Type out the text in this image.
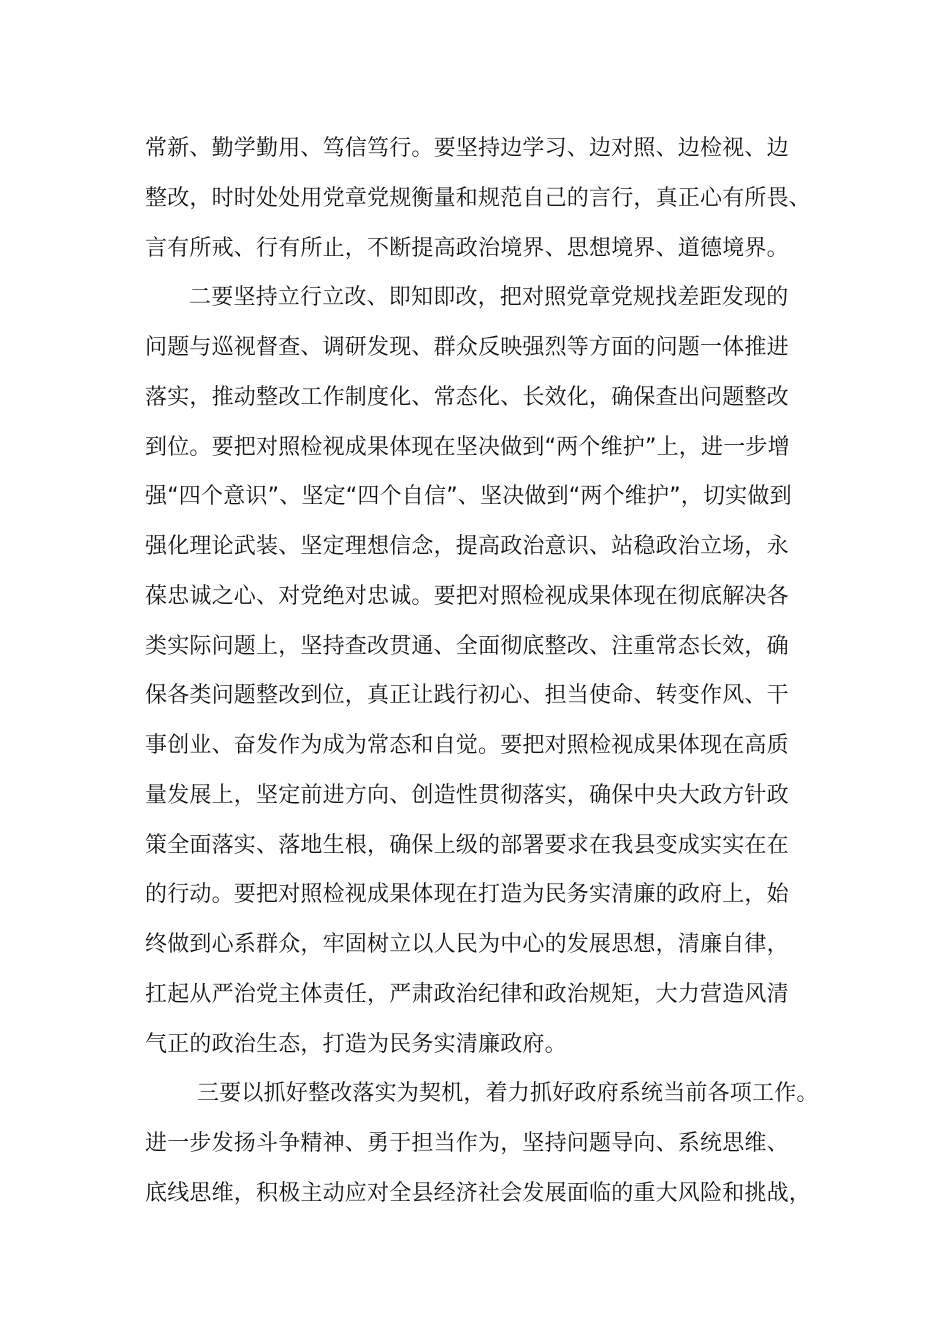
常新、勤学勤用、笃信笃行。要坚持边学习、边对照、边检视、边
整改，时时处处用党章党规衡量和规范自己的言行，真正心有所畏、
言有所戒、行有所止，不断提高政治境界、思想境界、道德境界。
二要坚持立行立改、即知即改，把对照党章党规找差距发现的
问题与巡视督查、调研发现、群众反映强烈等方面的问题一体推进
落实，推动整改工作制度化、常态化、长效化，确保查出问题整改
到位。要把对照检视成果体现在坚决做到“两个维护”上，进一步增
强“四个意识”、坚定“四个自信”、坚决做到“两个维护”，切实做到
强化理论武装、坚定理想信念，提高政治意识、站稳政治立场，永
葆忠诚之心、对党绝对忠诚。要把对照检视成果体现在彻底解决各
类实际问题上，坚持查改贯通、全面彻底整改、注重常态长效，确
保各类问题整改到位，真正让践行初心、担当使命、转变作风、干
事创业、奋发作为成为常态和自觉。要把对照检视成果体现在高质
量发展上，坚定前进方向、创造性贯彻落实，确保中央大政方针政
策全面落实、落地生根，确保上级的部署要求在我县变成实实在在
的行动。要把对照检视成果体现在打造为民务实清廉的政府上，始
终做到心系群众，牢固树立以人民为中心的发展思想，清廉自律，
扛起从严治党主体责任，严肃政治纪律和政治规矩，大力营造风清
气正的政治生态，打造为民务实清廉政府。
三要以抓好整改落实为契机，着力抓好政府系统当前各项工作。
进一步发扬斗争精神、勇于担当作为，坚持问题导向、系统思维、
底线思维，积极主动应对全县经济社会发展面临的重大风险和挑战，
